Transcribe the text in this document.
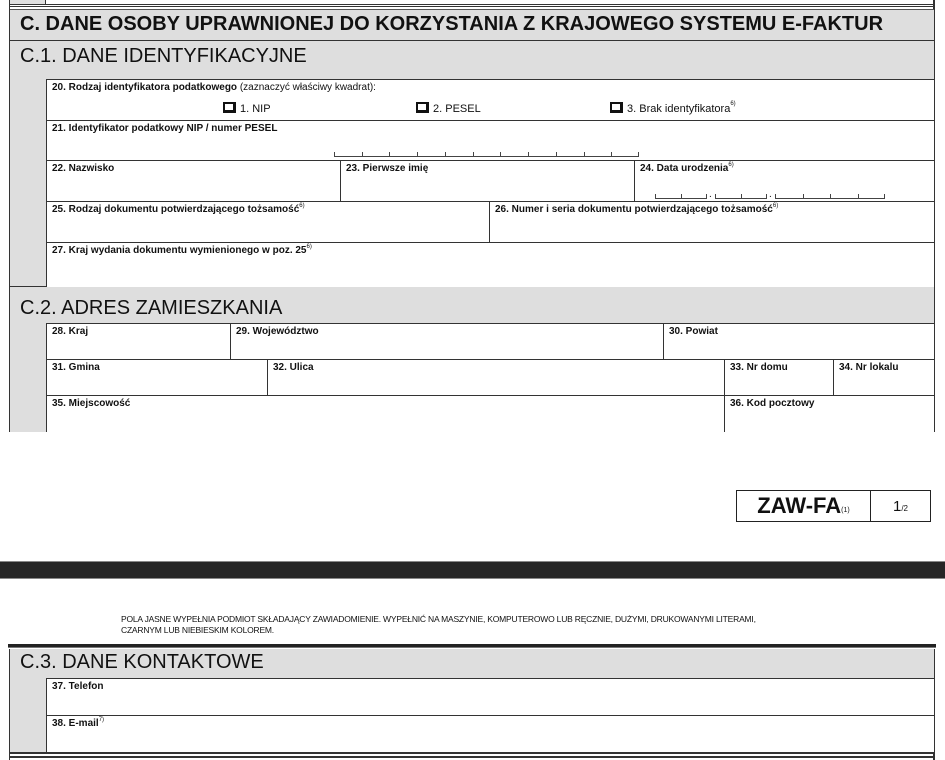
C. DANE OSOBY UPRAWNIONEJ DO KORZYSTANIA Z KRAJOWEGO SYSTEMU E-FAKTUR
C.1. DANE IDENTYFIKACYJNE
20. Rodzaj identyfikatora podatkowego (zaznaczyć właściwy kwadrat):
1. NIP	2. PESEL	3. Brak identyfikatora$^{6)}$
21. Identyfikator podatkowy NIP / numer PESEL
22. Nazwisko	23. Pierwsze imię	24. Data urodzenia$^{6)}$
.	.
25. Rodzaj dokumentu potwierdzającego tożsamość$^{6)}$	26. Numer i seria dokumentu potwierdzającego tożsamość$^{6)}$
27. Kraj wydania dokumentu wymienionego w poz. 25$^{6)}$
C.2. ADRES ZAMIESZKANIA
28. Kraj	29. Województwo	30. Powiat
31. Gmina	32. Ulica	33. Nr domu	34. Nr lokalu
35. Miejscowość	36. Kod pocztowy
ZAW-FA (1)	1 /2
POLA JASNE WYPEŁNIA PODMIOT SKŁADAJĄCY ZAWIADOMIENIE. WYPEŁNIĆ NA MASZYNIE, KOMPUTEROWO LUB RĘCZNIE, DUŻYMI, DRUKOWANYMI LITERAMI,
CZARNYM LUB NIEBIESKIM KOLOREM.
C.3. DANE KONTAKTOWE
37. Telefon
38. E-mail$^{7)}$
